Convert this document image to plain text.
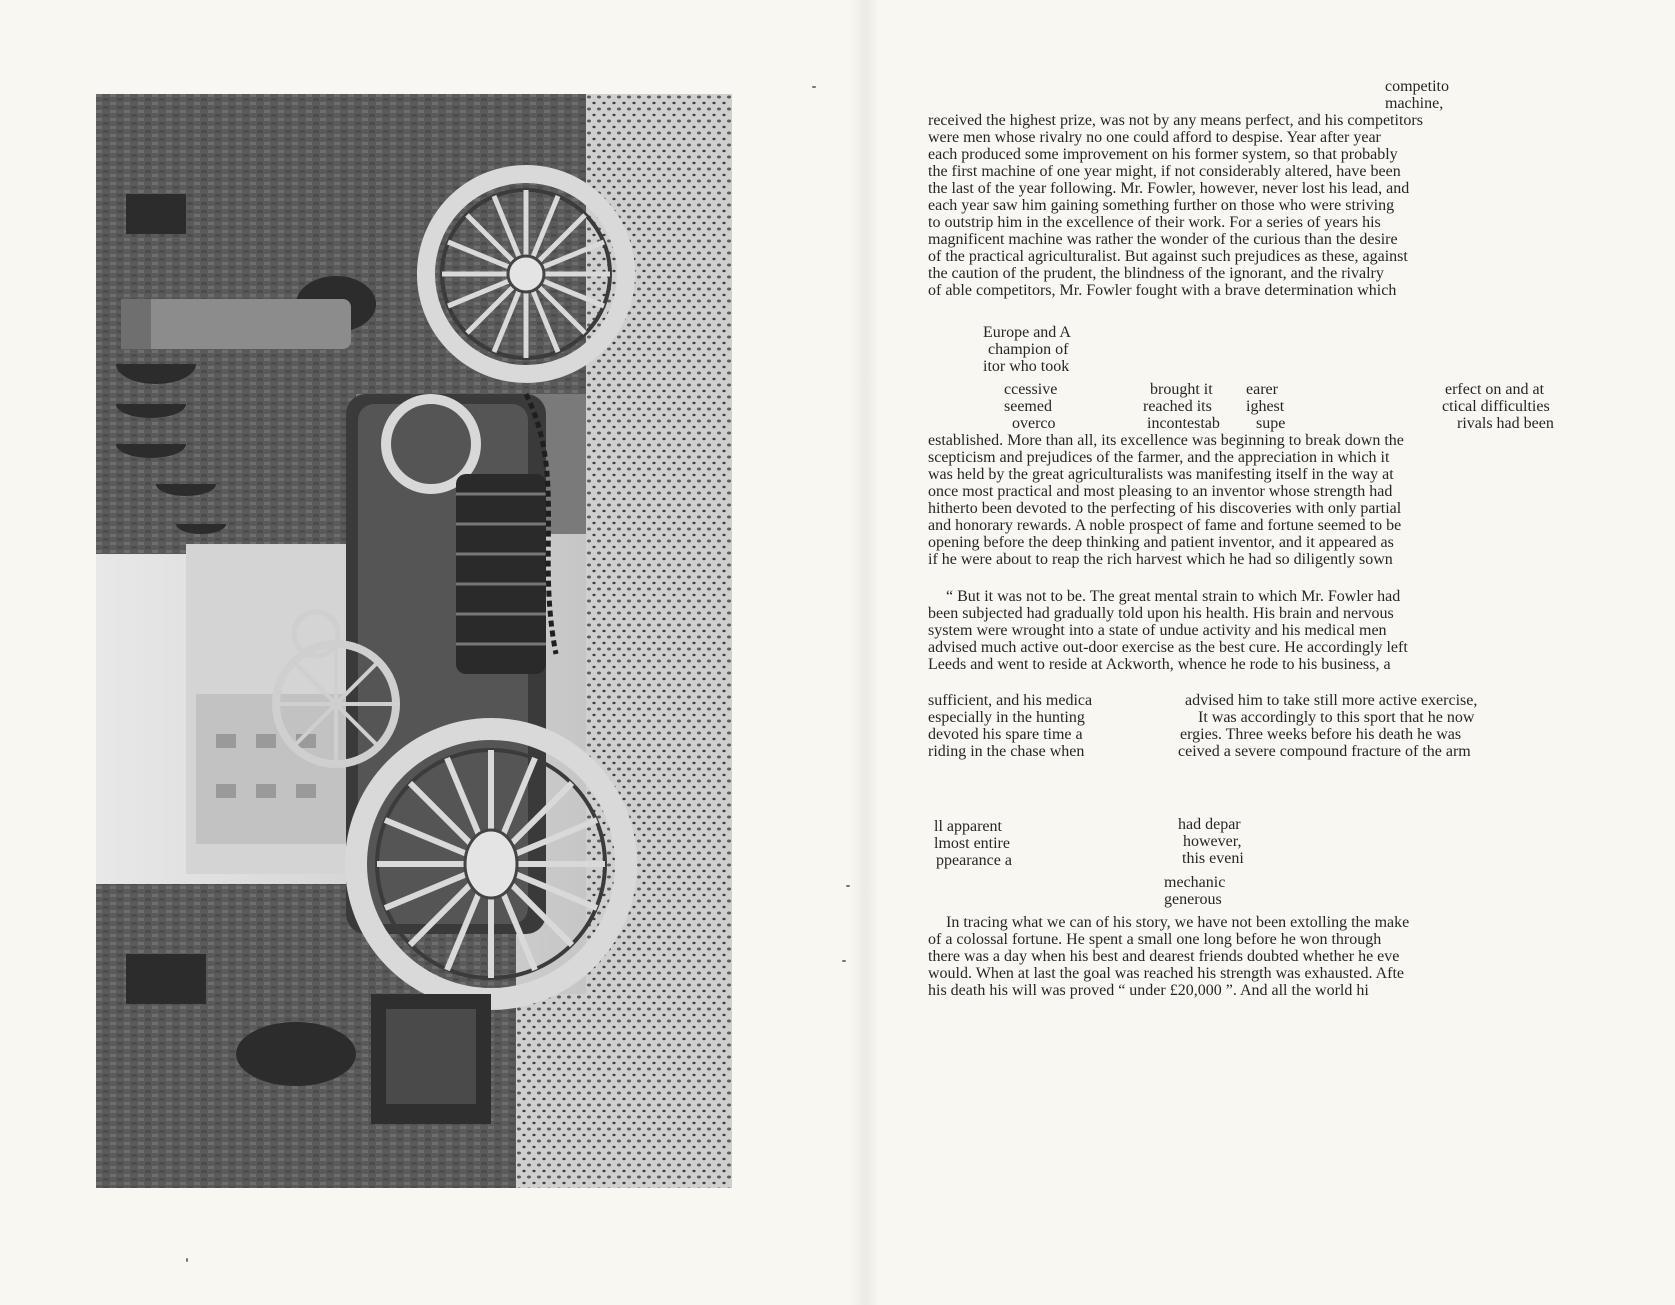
competito
machine,
received the highest prize, was not by any means perfect, and his competitors
were men whose rivalry no one could afford to despise. Year after year
each produced some improvement on his former system, so that probably
the first machine of one year might, if not considerably altered, have been
the last of the year following. Mr. Fowler, however, never lost his lead, and
each year saw him gaining something further on those who were striving
to outstrip him in the excellence of their work. For a series of years his
magnificent machine was rather the wonder of the curious than the desire
of the practical agriculturalist. But against such prejudices as these, against
the caution of the prudent, the blindness of the ignorant, and the rivalry
of able competitors, Mr. Fowler fought with a brave determination which
Europe and A
champion of
itor who took
ccessive
seemed
overco
brought it
reached its
incontestab
earer
ighest
supe
erfect on and at
ctical difficulties
rivals had been
established. More than all, its excellence was beginning to break down the
scepticism and prejudices of the farmer, and the appreciation in which it
was held by the great agriculturalists was manifesting itself in the way at
once most practical and most pleasing to an inventor whose strength had
hitherto been devoted to the perfecting of his discoveries with only partial
and honorary rewards. A noble prospect of fame and fortune seemed to be
opening before the deep thinking and patient inventor, and it appeared as
if he were about to reap the rich harvest which he had so diligently sown
“ But it was not to be. The great mental strain to which Mr. Fowler had
been subjected had gradually told upon his health. His brain and nervous
system were wrought into a state of undue activity and his medical men
advised much active out-door exercise as the best cure. He accordingly left
Leeds and went to reside at Ackworth, whence he rode to his business, a
sufficient, and his medica
especially in the hunting
devoted his spare time a
riding in the chase when
advised him to take still more active exercise,
It was accordingly to this sport that he now
ergies. Three weeks before his death he was
ceived a severe compound fracture of the arm
ll apparent
lmost entire
ppearance a
had depar
however,
this eveni
mechanic
generous
In tracing what we can of his story, we have not been extolling the make
of a colossal fortune. He spent a small one long before he won through
there was a day when his best and dearest friends doubted whether he eve
would. When at last the goal was reached his strength was exhausted. Afte
his death his will was proved “ under £20,000 ”. And all the world hi
